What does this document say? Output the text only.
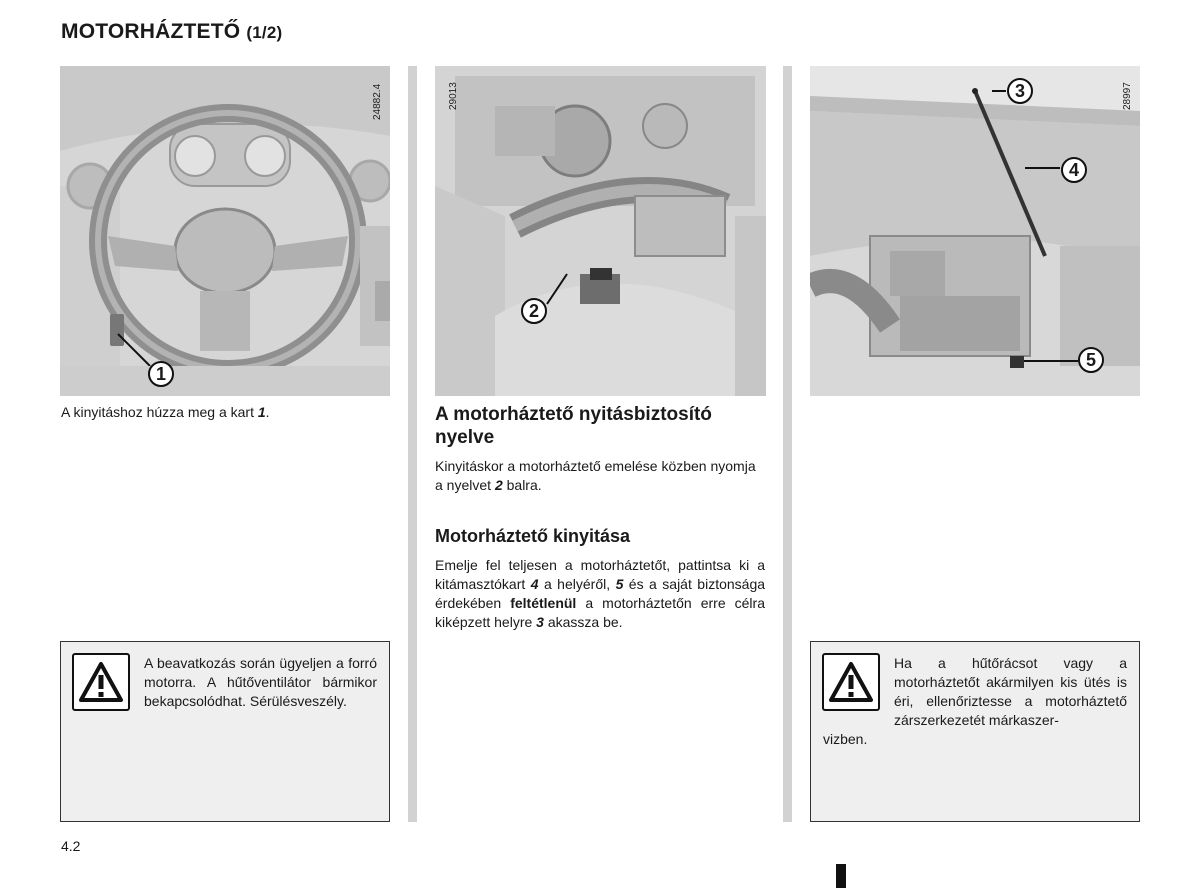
MOTORHÁZTETŐ (1/2)
24882.4
1
A kinyitáshoz húzza meg a kart 1.
A beavatkozás során ügyeljen a forró motorra. A hűtőventilátor bármikor bekapcsolódhat. Sérülésveszély.
29013
2
A motorháztető nyitásbiztosító nyelve
Kinyitáskor a motorháztető emelése közben nyomja a nyelvet 2 balra.
Motorháztető kinyitása
Emelje fel teljesen a motorháztetőt, pattintsa ki a kitámasztókart 4 a helyéről, 5 és a saját biztonsága érdekében feltétlenül a motorháztetőn erre célra kiképzett helyre 3 akassza be.
28997
3
4
5
Ha a hűtőrácsot vagy a motorháztetőt akármilyen kis ütés is éri, ellenőriztesse a motorháztető zárszerkezetét márkaszer-
vizben.
4.2
